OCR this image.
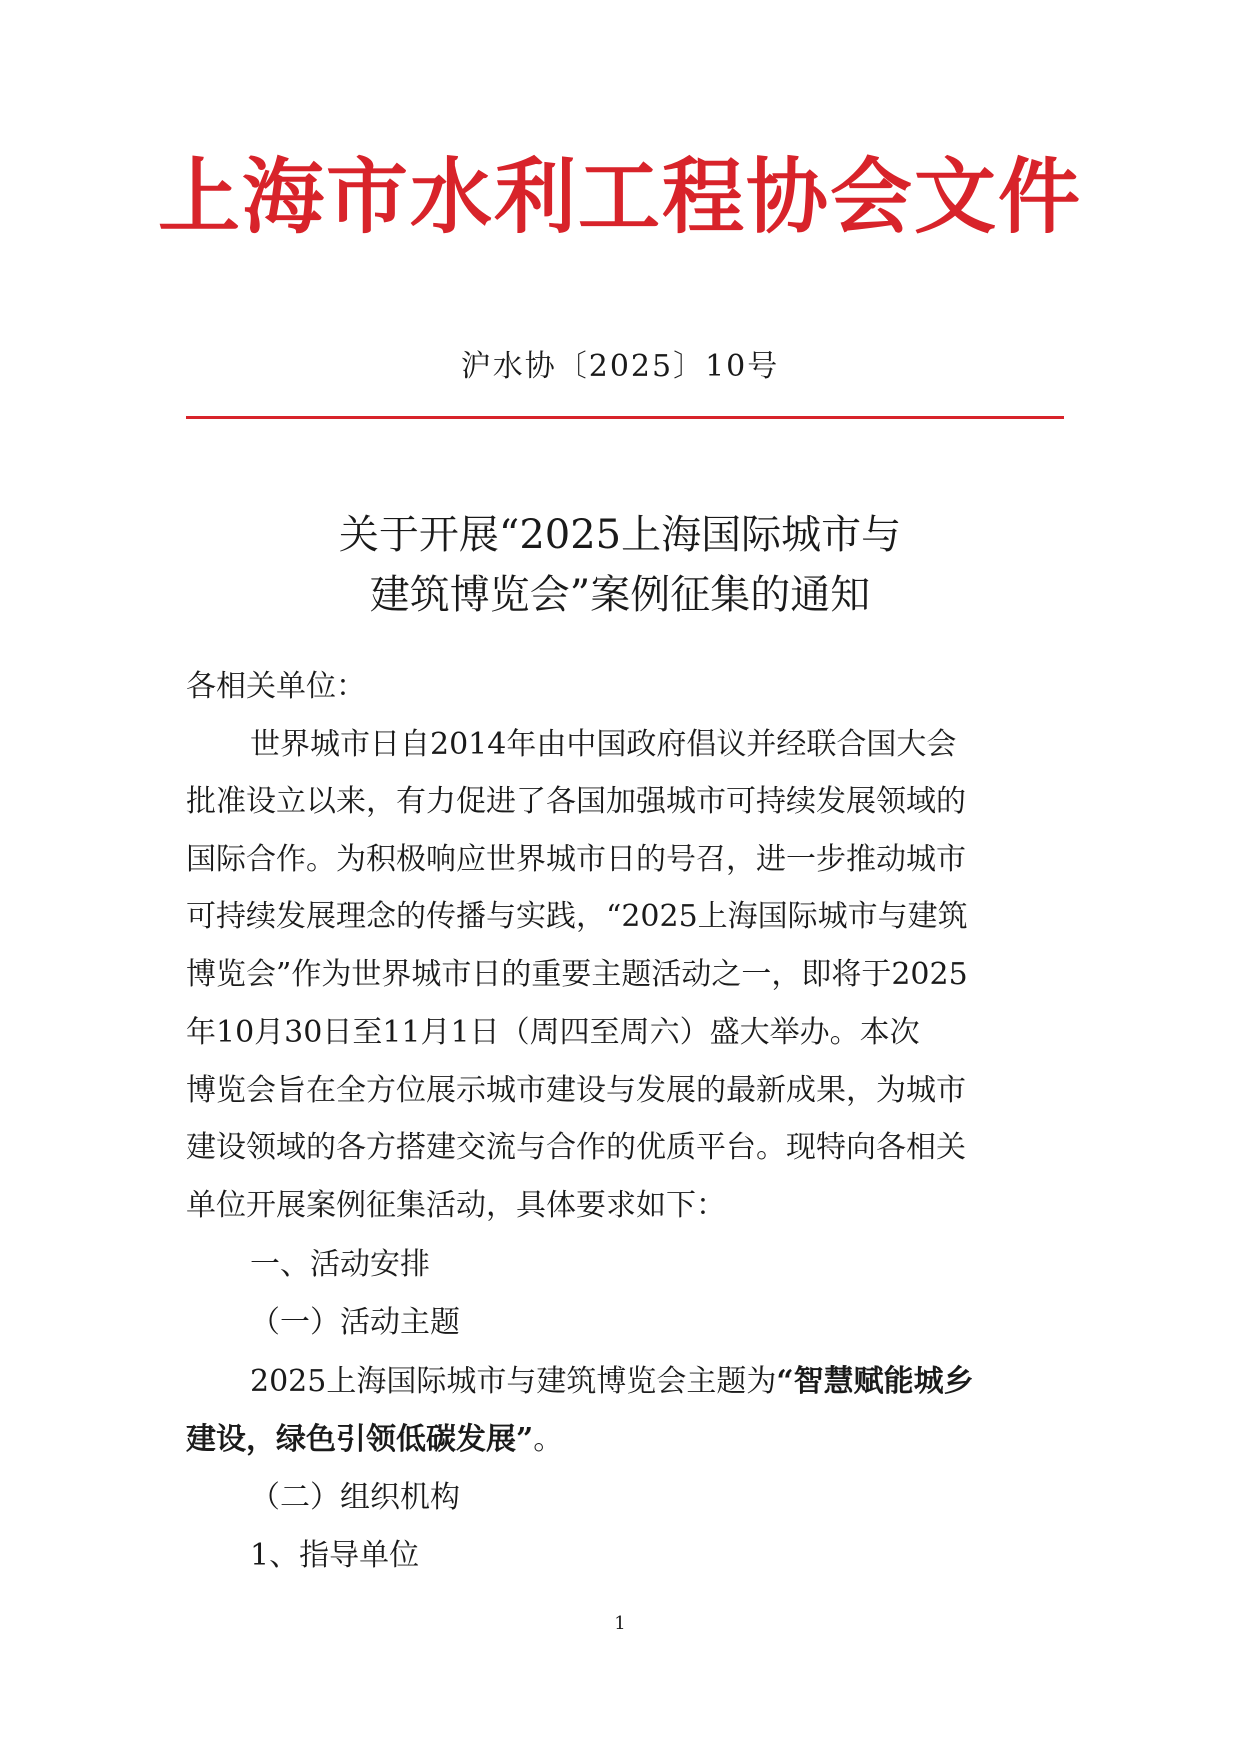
上海市水利工程协会文件
沪水协〔2025〕10号
关于开展“2025上海国际城市与
建筑博览会”案例征集的通知
各相关单位：
世界城市日自2014年由中国政府倡议并经联合国大会
批准设立以来，有力促进了各国加强城市可持续发展领域的
国际合作。为积极响应世界城市日的号召，进一步推动城市
可持续发展理念的传播与实践，“2025上海国际城市与建筑
博览会”作为世界城市日的重要主题活动之一，即将于2025
年10月30日至11月1日（周四至周六）盛大举办。本次
博览会旨在全方位展示城市建设与发展的最新成果，为城市
建设领域的各方搭建交流与合作的优质平台。现特向各相关
单位开展案例征集活动，具体要求如下：
一、活动安排
（一）活动主题
2025上海国际城市与建筑博览会主题为“智慧赋能城乡
建设，绿色引领低碳发展”。
（二）组织机构
1、指导单位
1
